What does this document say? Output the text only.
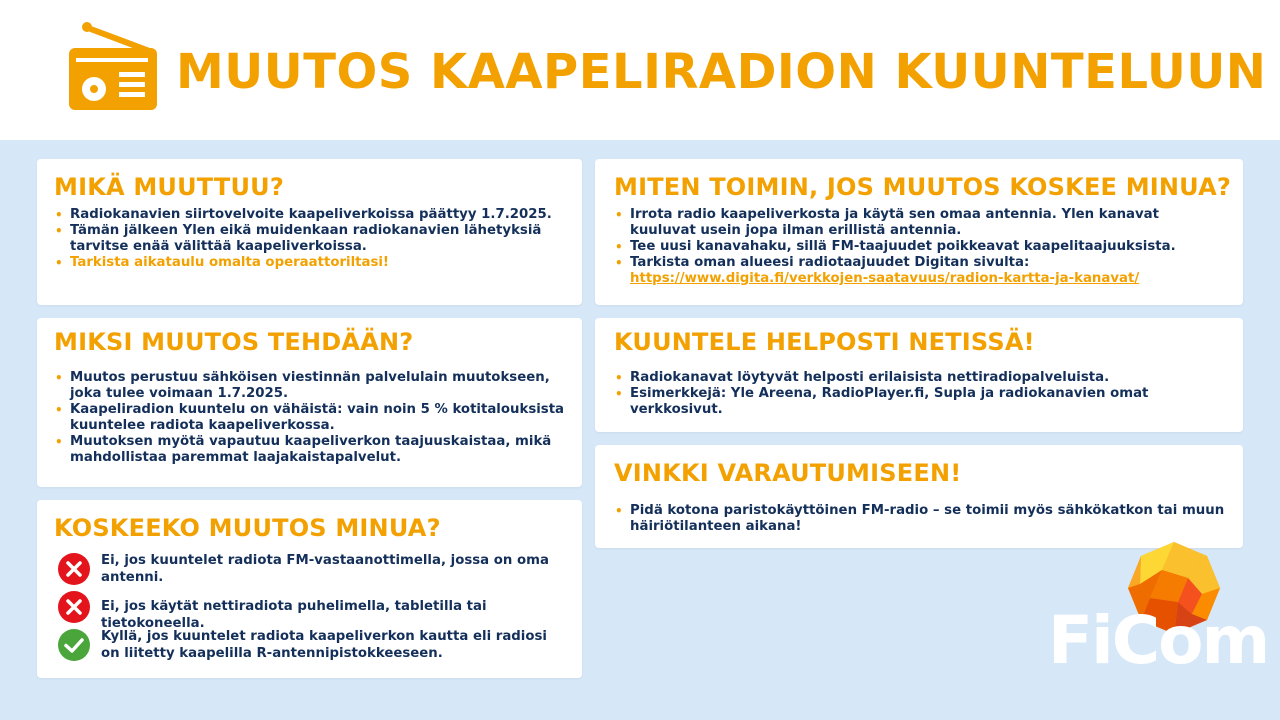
MUUTOS KAAPELIRADION KUUNTELUUN
MIKÄ MUUTTUU?
• Radiokanavien siirtovelvoite kaapeliverkoissa päättyy 1.7.2025.
• Tämän jälkeen Ylen eikä muidenkaan radiokanavien lähetyksiä tarvitse enää välittää kaapeliverkoissa.
• Tarkista aikataulu omalta operaattoriltasi!
MIKSI MUUTOS TEHDÄÄN?
• Muutos perustuu sähköisen viestinnän palvelulain muutokseen, joka tulee voimaan 1.7.2025.
• Kaapeliradion kuuntelu on vähäistä: vain noin 5 % kotitalouksista kuuntelee radiota kaapeliverkossa.
• Muutoksen myötä vapautuu kaapeliverkon taajuuskaistaa, mikä mahdollistaa paremmat laajakaistapalvelut.
KOSKEEKO MUUTOS MINUA?
Ei, jos kuuntelet radiota FM-vastaanottimella, jossa on oma antenni.
Ei, jos käytät nettiradiota puhelimella, tabletilla tai tietokoneella.
Kyllä, jos kuuntelet radiota kaapeliverkon kautta eli radiosi on liitetty kaapelilla R-antennipistokkeeseen.
MITEN TOIMIN, JOS MUUTOS KOSKEE MINUA?
• Irrota radio kaapeliverkosta ja käytä sen omaa antennia. Ylen kanavat kuuluvat usein jopa ilman erillistä antennia.
• Tee uusi kanavahaku, sillä FM-taajuudet poikkeavat kaapelitaajuuksista.
• Tarkista oman alueesi radiotaajuudet Digitan sivulta:
https://www.digita.fi/verkkojen-saatavuus/radion-kartta-ja-kanavat/
KUUNTELE HELPOSTI NETISSÄ!
• Radiokanavat löytyvät helposti erilaisista nettiradiopalveluista.
• Esimerkkejä: Yle Areena, RadioPlayer.fi, Supla ja radiokanavien omat verkkosivut.
VINKKI VARAUTUMISEEN!
• Pidä kotona paristokäyttöinen FM-radio – se toimii myös sähkökatkon tai muun häiriötilanteen aikana!
FiCom
